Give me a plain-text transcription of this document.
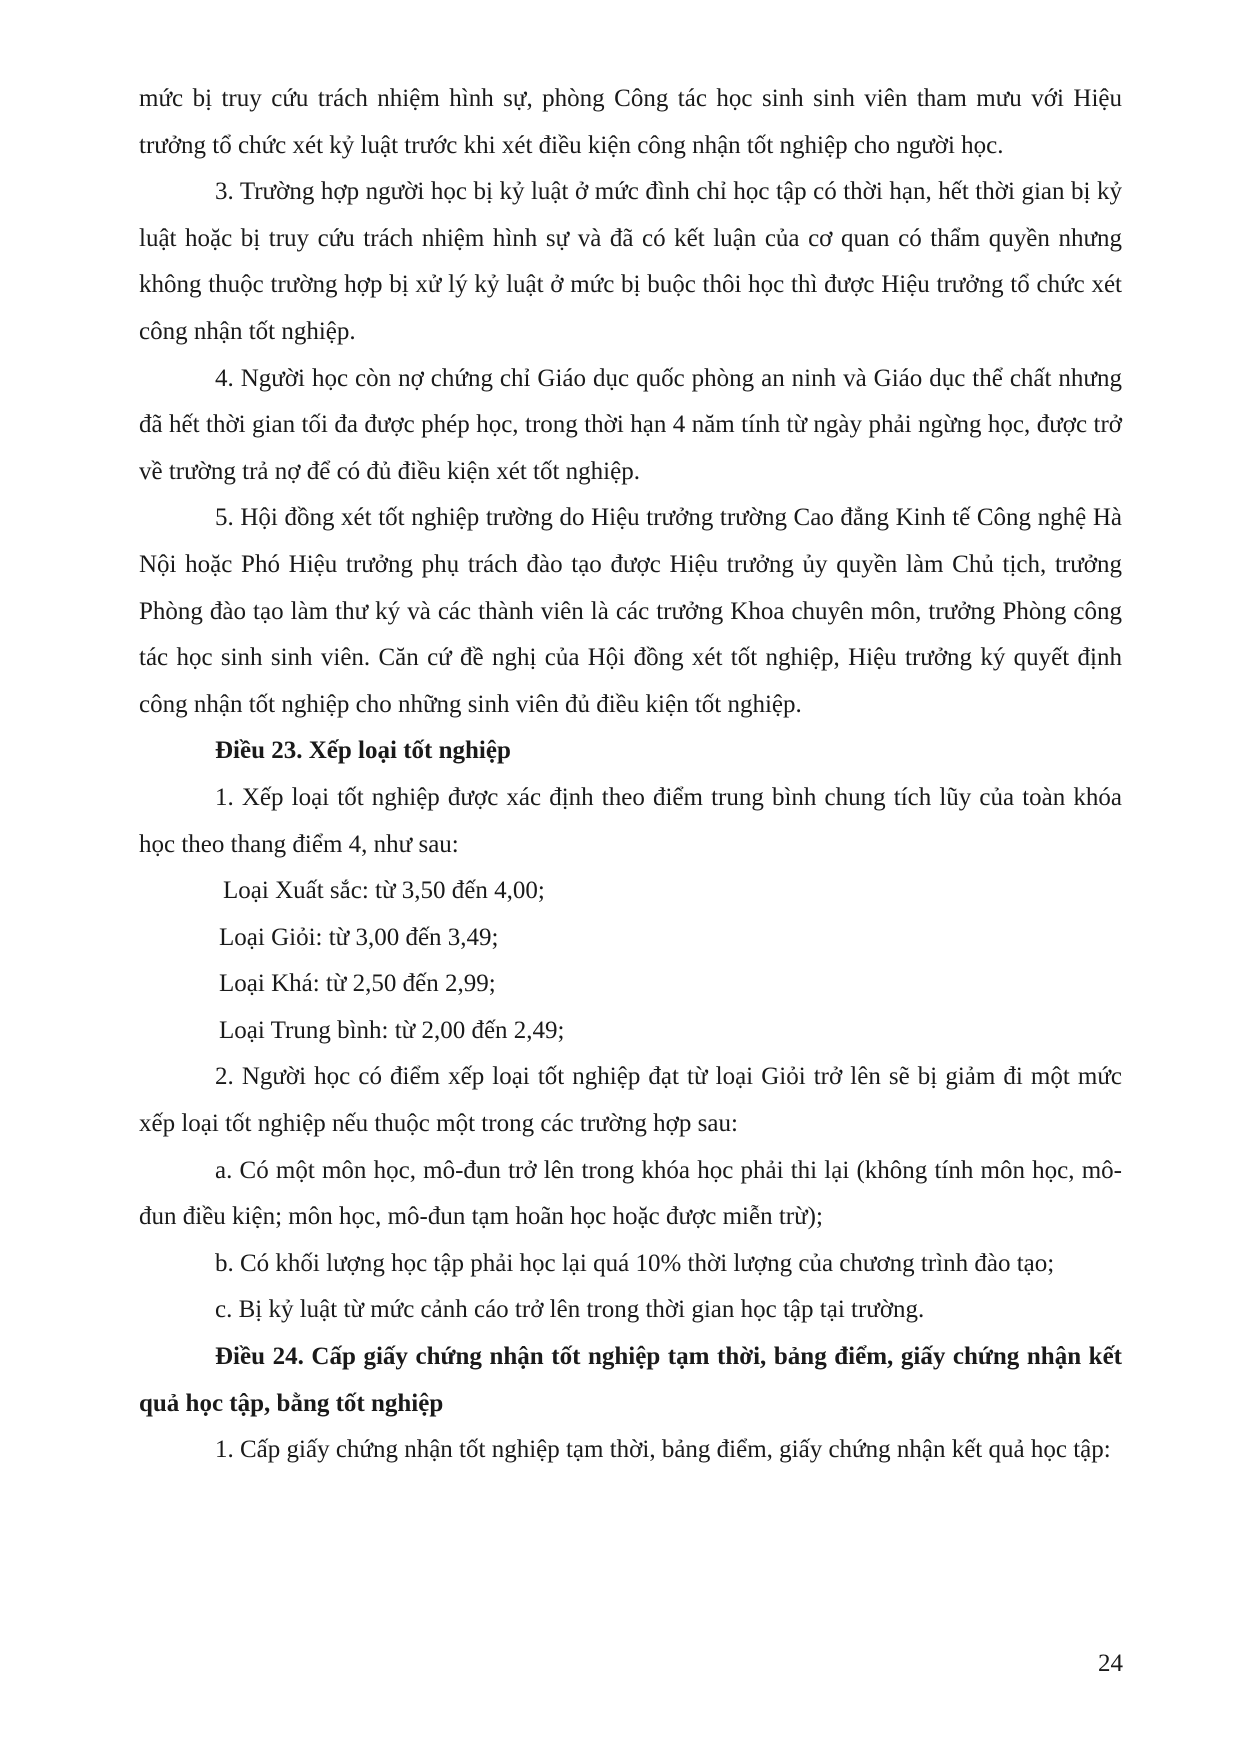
mức bị truy cứu trách nhiệm hình sự, phòng Công tác học sinh sinh viên tham mưu với Hiệu trưởng tổ chức xét kỷ luật trước khi xét điều kiện công nhận tốt nghiệp cho người học.

3. Trường hợp người học bị kỷ luật ở mức đình chỉ học tập có thời hạn, hết thời gian bị kỷ luật hoặc bị truy cứu trách nhiệm hình sự và đã có kết luận của cơ quan có thẩm quyền nhưng không thuộc trường hợp bị xử lý kỷ luật ở mức bị buộc thôi học thì được Hiệu trưởng tổ chức xét công nhận tốt nghiệp.

4. Người học còn nợ chứng chỉ Giáo dục quốc phòng an ninh và Giáo dục thể chất nhưng đã hết thời gian tối đa được phép học, trong thời hạn 4 năm tính từ ngày phải ngừng học, được trở về trường trả nợ để có đủ điều kiện xét tốt nghiệp.

5. Hội đồng xét tốt nghiệp trường do Hiệu trưởng trường Cao đẳng Kinh tế Công nghệ Hà Nội hoặc Phó Hiệu trưởng phụ trách đào tạo được Hiệu trưởng ủy quyền làm Chủ tịch, trưởng Phòng đào tạo làm thư ký và các thành viên là các trưởng Khoa chuyên môn, trưởng Phòng công tác học sinh sinh viên. Căn cứ đề nghị của Hội đồng xét tốt nghiệp, Hiệu trưởng ký quyết định công nhận tốt nghiệp cho những sinh viên đủ điều kiện tốt nghiệp.

Điều 23. Xếp loại tốt nghiệp

1. Xếp loại tốt nghiệp được xác định theo điểm trung bình chung tích lũy của toàn khóa học theo thang điểm 4, như sau:

Loại Xuất sắc: từ 3,50 đến 4,00;

Loại Giỏi: từ 3,00 đến 3,49;

Loại Khá: từ 2,50 đến 2,99;

Loại Trung bình: từ 2,00 đến 2,49;

2. Người học có điểm xếp loại tốt nghiệp đạt từ loại Giỏi trở lên sẽ bị giảm đi một mức xếp loại tốt nghiệp nếu thuộc một trong các trường hợp sau:

a. Có một môn học, mô-đun trở lên trong khóa học phải thi lại (không tính môn học, mô-đun điều kiện; môn học, mô-đun tạm hoãn học hoặc được miễn trừ);

b. Có khối lượng học tập phải học lại quá 10% thời lượng của chương trình đào tạo;

c. Bị kỷ luật từ mức cảnh cáo trở lên trong thời gian học tập tại trường.

Điều 24. Cấp giấy chứng nhận tốt nghiệp tạm thời, bảng điểm, giấy chứng nhận kết quả học tập, bằng tốt nghiệp

1. Cấp giấy chứng nhận tốt nghiệp tạm thời, bảng điểm, giấy chứng nhận kết quả học tập:

24
